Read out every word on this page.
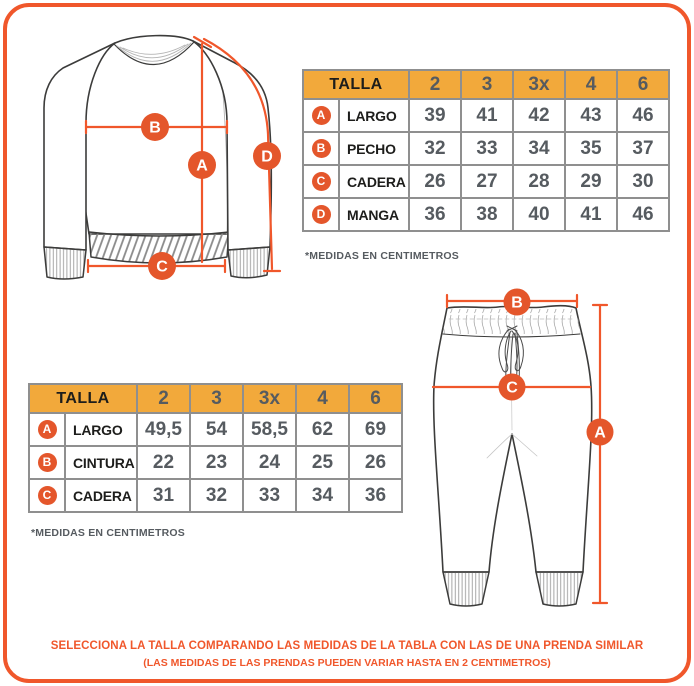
B
A
D
C
B
C
A
TALLA		2	3	3x	4	6
A	LARGO	39	41	42	43	46
B	PECHO	32	33	34	35	37
C	CADERA	26	27	28	29	30
D	MANGA	36	38	40	41	46
*MEDIDAS EN CENTIMETROS
TALLA		2	3	3x	4	6
A	LARGO	49,5	54	58,5	62	69
B	CINTURA	22	23	24	25	26
C	CADERA	31	32	33	34	36
*MEDIDAS EN CENTIMETROS
SELECCIONA LA TALLA COMPARANDO LAS MEDIDAS DE LA TABLA CON LAS DE UNA PRENDA SIMILAR
(LAS MEDIDAS DE LAS PRENDAS PUEDEN VARIAR HASTA EN 2 CENTIMETROS)
